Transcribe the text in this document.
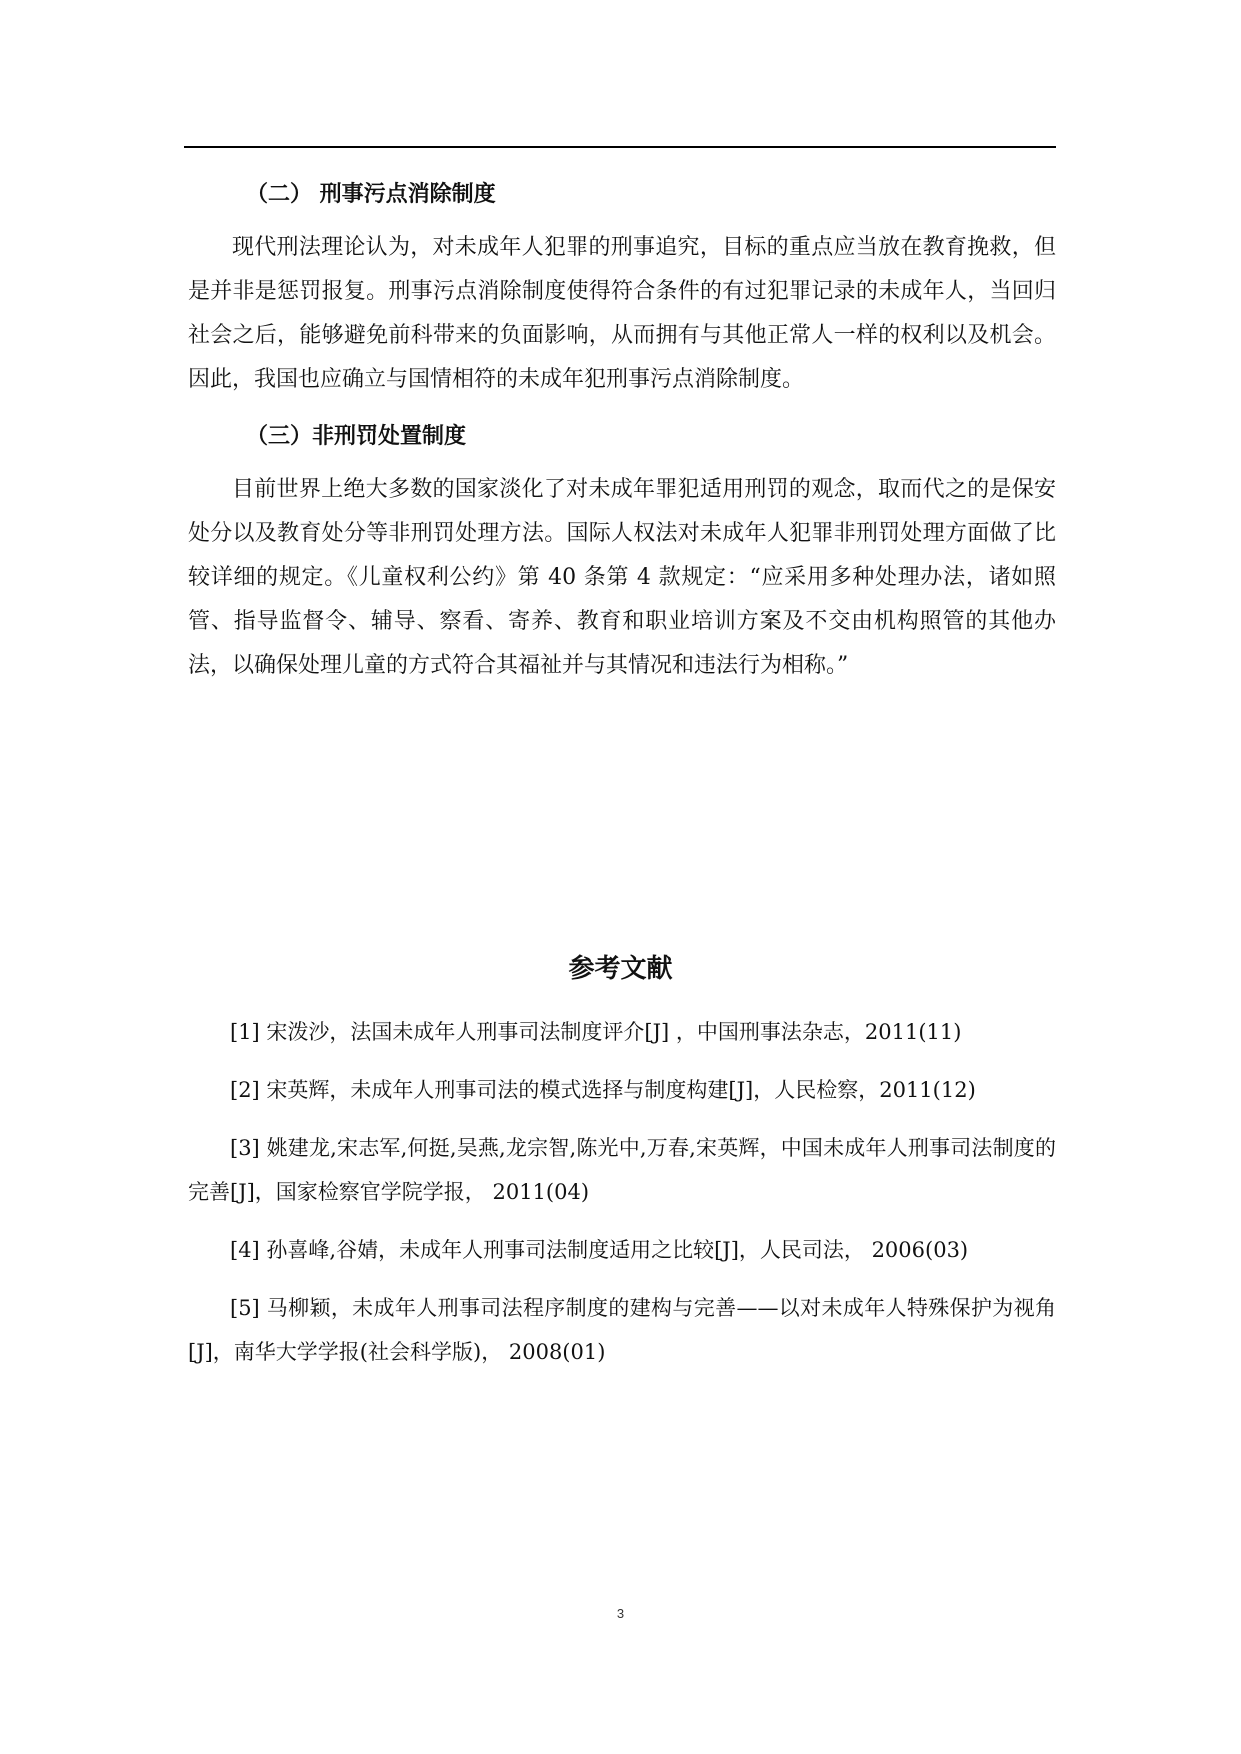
（二） 刑事污点消除制度

现代刑法理论认为，对未成年人犯罪的刑事追究，目标的重点应当放在教育挽救，但是并非是惩罚报复。刑事污点消除制度使得符合条件的有过犯罪记录的未成年人，当回归社会之后，能够避免前科带来的负面影响，从而拥有与其他正常人一样的权利以及机会。因此，我国也应确立与国情相符的未成年犯刑事污点消除制度。

（三）非刑罚处置制度

目前世界上绝大多数的国家淡化了对未成年罪犯适用刑罚的观念，取而代之的是保安处分以及教育处分等非刑罚处理方法。国际人权法对未成年人犯罪非刑罚处理方面做了比较详细的规定。《儿童权利公约》第 40 条第 4 款规定：“应采用多种处理办法，诸如照管、指导监督令、辅导、察看、寄养、教育和职业培训方案及不交由机构照管的其他办法，以确保处理儿童的方式符合其福祉并与其情况和违法行为相称。”

参考文献
[1] 宋泼沙，法国未成年人刑事司法制度评介[J] ，中国刑事法杂志，2011(11)
[2] 宋英辉，未成年人刑事司法的模式选择与制度构建[J]，人民检察，2011(12)
[3] 姚建龙,宋志军,何挺,吴燕,龙宗智,陈光中,万春,宋英辉，中国未成年人刑事司法制度的完善[J]，国家检察官学院学报， 2011(04)
[4] 孙喜峰,谷婧，未成年人刑事司法制度适用之比较[J]，人民司法， 2006(03)
[5] 马柳颖，未成年人刑事司法程序制度的建构与完善——以对未成年人特殊保护为视角[J]，南华大学学报(社会科学版)， 2008(01)
3
